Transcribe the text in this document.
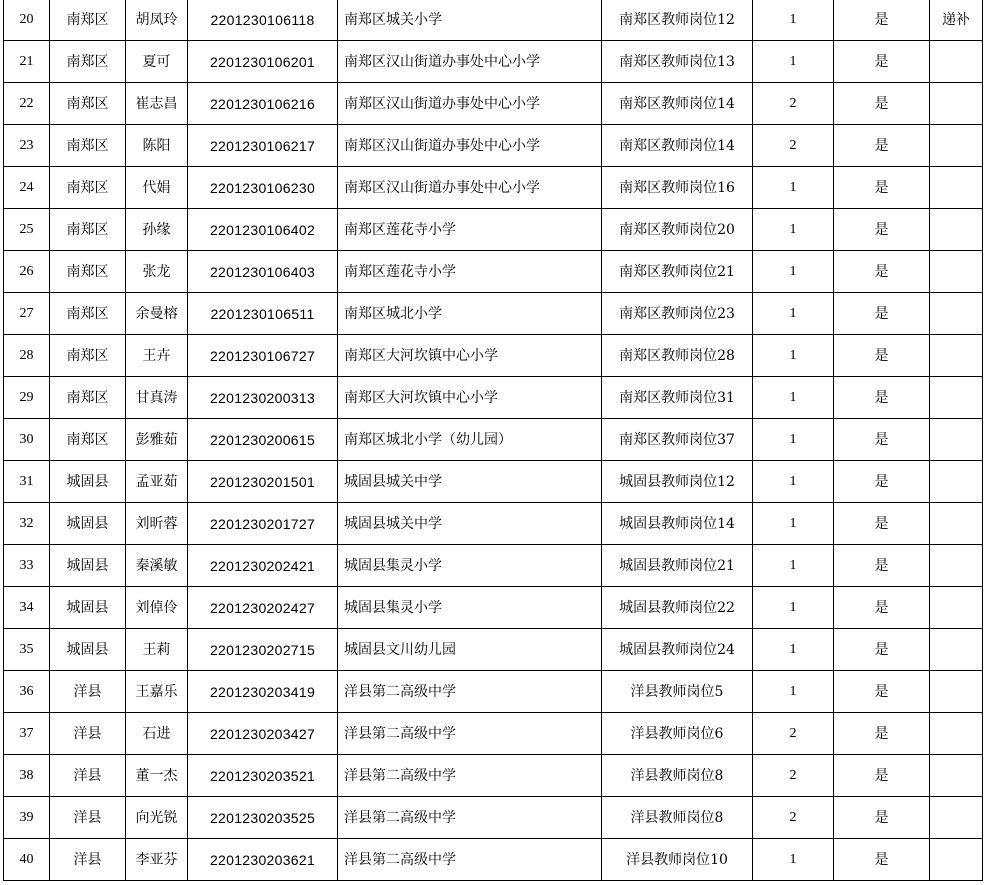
20	南郑区	胡凤玲	2201230106118	南郑区城关小学	南郑区教师岗位12	1	是	递补
21	南郑区	夏可	2201230106201	南郑区汉山街道办事处中心小学	南郑区教师岗位13	1	是	
22	南郑区	崔志昌	2201230106216	南郑区汉山街道办事处中心小学	南郑区教师岗位14	2	是	
23	南郑区	陈阳	2201230106217	南郑区汉山街道办事处中心小学	南郑区教师岗位14	2	是	
24	南郑区	代娟	2201230106230	南郑区汉山街道办事处中心小学	南郑区教师岗位16	1	是	
25	南郑区	孙缘	2201230106402	南郑区莲花寺小学	南郑区教师岗位20	1	是	
26	南郑区	张龙	2201230106403	南郑区莲花寺小学	南郑区教师岗位21	1	是	
27	南郑区	余曼榕	2201230106511	南郑区城北小学	南郑区教师岗位23	1	是	
28	南郑区	王卉	2201230106727	南郑区大河坎镇中心小学	南郑区教师岗位28	1	是	
29	南郑区	甘真涛	2201230200313	南郑区大河坎镇中心小学	南郑区教师岗位31	1	是	
30	南郑区	彭雅茹	2201230200615	南郑区城北小学（幼儿园）	南郑区教师岗位37	1	是	
31	城固县	孟亚茹	2201230201501	城固县城关中学	城固县教师岗位12	1	是	
32	城固县	刘昕蓉	2201230201727	城固县城关中学	城固县教师岗位14	1	是	
33	城固县	秦溪敏	2201230202421	城固县集灵小学	城固县教师岗位21	1	是	
34	城固县	刘倬伶	2201230202427	城固县集灵小学	城固县教师岗位22	1	是	
35	城固县	王莉	2201230202715	城固县文川幼儿园	城固县教师岗位24	1	是	
36	洋县	王嘉乐	2201230203419	洋县第二高级中学	洋县教师岗位5	1	是	
37	洋县	石进	2201230203427	洋县第二高级中学	洋县教师岗位6	2	是	
38	洋县	董一杰	2201230203521	洋县第二高级中学	洋县教师岗位8	2	是	
39	洋县	向光锐	2201230203525	洋县第二高级中学	洋县教师岗位8	2	是	
40	洋县	李亚芬	2201230203621	洋县第二高级中学	洋县教师岗位10	1	是	
